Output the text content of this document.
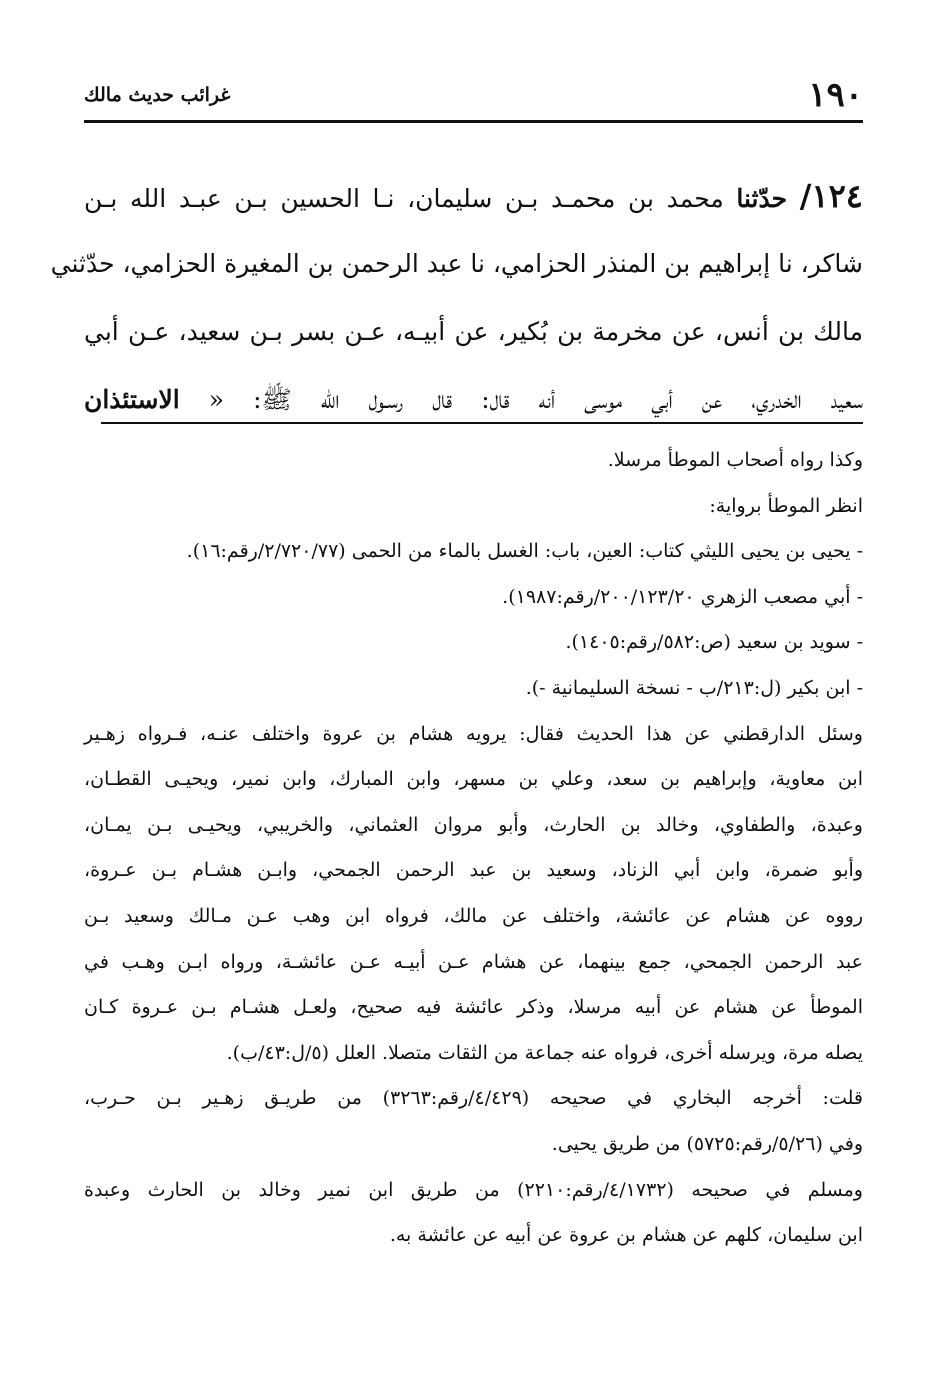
١٩٠
غرائب حديث مالك
١٢٤/ حدّثنا محمد بن محمـد بـن سليمان، نـا الحسين بـن عبـد الله بـن
شاكر، نا إبراهيم بن المنذر الحزامي، نا عبد الرحمن بن المغيرة الحزامي، حدّثني
مالك بن أنس، عن مخرمة بن بُكير، عن أبيـه، عـن بسر بـن سعيد، عـن أبي
سعيد الخدري، عن أبي موسى أنه قال: قال رسـول الله ﷺ: « الاستئذان
وكذا رواه أصحاب الموطأ مرسلا.
انظر الموطأ برواية:
- يحيى بن يحيى الليثي كتاب: العين، باب: الغسل بالماء من الحمى (٢/٧٢٠/٧٧/رقم:١٦).
- أبي مصعب الزهري ٢٠٠/١٢٣/٢٠/رقم:١٩٨٧).
- سويد بن سعيد (ص:٥٨٢/رقم:١٤٠٥).
- ابن بكير (ل:٢١٣/ب - نسخة السليمانية -).
وسئل الدارقطني عن هذا الحديث فقال: يرويه هشام بن عروة واختلف عنـه، فـرواه زهـير
ابن معاوية، وإبراهيم بن سعد، وعلي بن مسهر، وابن المبارك، وابن نمير، ويحيـى القطـان،
وعبدة، والطفاوي، وخالد بن الحارث، وأبو مروان العثماني، والخريبي، ويحيـى بـن يمـان،
وأبو ضمرة، وابن أبي الزناد، وسعيد بن عبد الرحمن الجمحي، وابـن هشـام بـن عـروة،
رووه عن هشام عن عائشة، واختلف عن مالك، فرواه ابن وهب عـن مـالك وسعيد بـن
عبد الرحمن الجمحي، جمع بينهما، عن هشام عـن أبيـه عـن عائشـة، ورواه ابـن وهـب في
الموطأ عن هشام عن أبيه مرسلا، وذكر عائشة فيه صحيح، ولعـل هشـام بـن عـروة كـان
يصله مرة، ويرسله أخرى، فرواه عنه جماعة من الثقات متصلا. العلل (٥/ل:٤٣/ب).
قلت: أخرجه البخاري في صحيحه (٤/٤٢٩/رقم:٣٢٦٣) من طريـق زهـير بـن حـرب،
وفي (٥/٢٦/رقم:٥٧٢٥) من طريق يحيى.
ومسلم في صحيحه (٤/١٧٣٢/رقم:٢٢١٠) من طريق ابن نمير وخالد بن الحارث وعبدة
ابن سليمان، كلهم عن هشام بن عروة عن أبيه عن عائشة به.
